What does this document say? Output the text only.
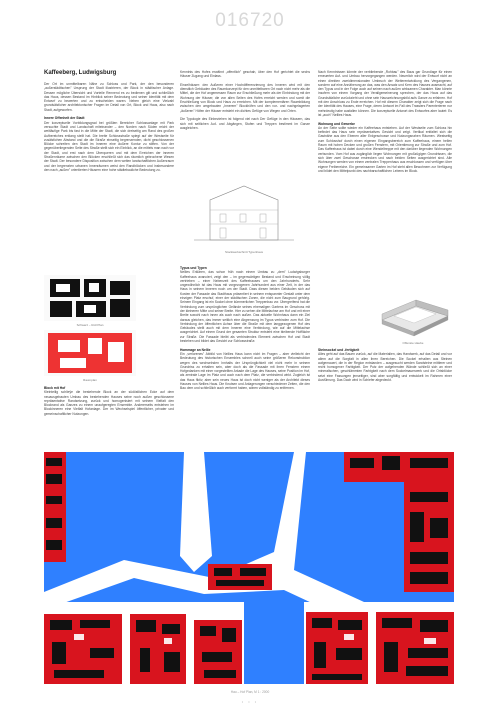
016720
Kaffeeberg, Ludwigsburg

Der Ort im unmittelbaren Nähe zu Schloss und Park, der den besonderen „außerstädtischen" Ursprung der Stadt illustrieren, der Block in städtischer Anlage. Dessen mögliche Übersicht und Vorteile Rennend es zu bedienen gilt und schließlich das Haus, dessen Bestand im Hinblick seiner Bedeutung und seiner Identität mit dem Entwurf zu bewerten und zu entscheiden waren. Neben gleich eine Vielzahl grundsätzlicher architektonischer Fragen im Detail von Ort, Block und Haus, also nach Stadt, aufgeworfen.

Innere Offenheit der Stadt

Der konzeptuelle Vorbildungsgrad bei größten Bereicher Schlossanlage mit Park versuchte Stadt und Landschaft miteinander – den Norden nach Süden reicht der weitläufige Park bis fast in die Mitte der Stadt, die sich dreiseitig am Rand des großen Aufbereiches entlang stellt hat. Die breite Schlossstraße spiegt auf der Westseite für zusätzlichen Abstand und die die Straße einseitig begrenzenden, dicht geschlossenen Blöcke schreiten den Stadt im Inneren eine äußere Kontur zu stiften. Von der gegenüberliegenden Seite des Straße stellt sich ein Einblick, an die mittels man nach vor der Stadt, und erst nach dem Überqueren und mit dem Erreichen der inneren Straßenräume zwischen den Blöcken erschließt sich das räumlich gebrochene Wesen der Stadt. Der besondere Disposition zwischen dem weiten landschaftlichen Außenraum und der begrenzten urbanen Innenräumen weist den Randblöcken und insbesondere den nach „außen" orientierten Häusern eine hohe städtebauliche Bedeutung zu.

Schwarz – Roll Plan
Raumplan
Block mit Hof

Kleinteilig schlieÿe die bestehende Block an der südöstlichen Ecke auf dem neuausgebauten Umbau des bestehenden Hauses seine noch außen geschlossene repräsentative Randsetzung, zurück und homogenisiert mit seinem Vielfalt den Blockrand als Ganzes zu einem unaufgeregten Ensemble. Andererseits entstehen im Blockinneren eine Vielfalt Hofanlage. Der im Wechselspiel öffentlicher, privater und gemeinschaftlicher Nutzungen.

Kenntnis des Hofes erwähnt „offentlich" geschah, über den Hof gerichtet die sechs Häuser Zugang und Einlass.

Einzelhäuser: den Außeren einer Hochdifferenzierung des Inneren wird mit den dienstlich Gebäuden des Raumkonzept für den unmittelbaren Ort nach nicht mehr als die Mittel, die der Hof angemessen Raum zur Erschließung mehr als der Einbindung mit der Wohnung der Häuser, die von allen Seiten des Hofes erreicht werden und somit die Erschließung von Block und Haus zu erreichen. Mit der komplementären Raumbildung zwischen den umgebauten „Innerem" Blockhöfen und den vor- und nachgelagerten „äußeren" Höfen der Häuser entsteht ein dichtes Gefüge von Wegen und Orten.

Die Typologie des Einbeziehen ist folgend viel nach Der Gefüge in den Häusern, das sich mit seitlichen Auf- und Abgängen, Stufen und Treppen bestimmt im Ganze ausgleichen.

Stockwerkschnitt Typenhaus
Typus und Typen

Nellies Erklären, das schon früh nach einem Umbau zu „dem" Ludwigsburger Kaffeehaus avanciert, zeigt den – im gegenwärtigen Bestand und Erscheinung völlig vertrieben – einer Nebenzeit des Kaffeehauses um den Jahrhunderts. Sehr ungewöhnlich ist das Haus mit vorgezogenen Jahrhundert aus einer Zeit, in der das Haus in seinem Inneren noch um der Stadt. Dass diesen beiden Gebäuden sich auf Kosten der Fassade das Stadthaus präsentiert in seinem entspannter Gestalt unter dem einzigen Platz erschuf, einer der städtischen Zonen, die nicht zum Baugrund gehörig. Seinem Eingang ist ein Sockel ohne kümmerlichen Treppenbau vor. Übergreifend hat die Verbindung zum ursprünglichen Gelände seines ehemaligen Gartens im Geschoss mit der kleineren Mitte und seiner Breite. Hier zu sehen die Mittelachse am Hof und mit einer Breite sowohl nach innen als auch nach außen. Das aktuelle Wohnhaus dann ein Ziel daraus gleichen, das immer seitlich eine Abgrenzung im Typus verbinden zum Hof. Die Verbindung der öffentlichen Achse über die Straße mit dem langgezogenen Hof des Gebäudes stellt auch mit dem Inneren eine Verbindung, wie auf die Mittelachse ausgerichtet. Auf einem Grund der gesamten Struktur entsteht eine bleibende Hoffläche zur Straße. Die Fassade bleibt als verbindendes Element zwischen Hof und Stadt bestehen und bildet das Gesicht zur Schlossstraße.

Hommage an Nellie

Ein „verlorenes" Abbild von Nellies Haus kann nicht im Fragen – aber vielleicht der Bedeutung des historischen Ensembles schnell auch seine größeren Rekonstruktion wegen des wechselnden Innhalts der Ursprünglichkeit viel nicht mehr in seinem Grundriss zu erhalten sein, aber doch als die Fassade mit ihren Fenstern einem Hofgedanken mit einer vorgestellten Arkade die Lage des Hauses, seine Position im Hof, als zentrale Lage im Platz und auch nach dem Platz, die verbindend wirkt. Zugleich ist das Haus fiktiv, aber sein neues Haus ist doch nicht weniger als der Architekt dieses Hauses von Nellies Haus. Die Knutsen und Anlagerungen verschiedener Zeiten, die den Bau dem und schließlich auch verformt haben, wären vollständig zu entfernen.

Nach Kenntnissen könnte der verbliebende „Rohbau" des Baus gar Grundlage für einen erneuerten Auf- und Umbau hervorgegangen werden. Neuerlich wird der Entwurf nicht an einen direkten zweidimensionalen Umbruch der Weiterentwicklung des Vergangenen, sondern auf eine Annäherung an das, was den Ansatz und Kern des Hauses ausmacht, auf den Typus und in der Folge auch auf seinen nach außen wirksamen Charakter. Man könnte insofern von einem Vorgang der Verallgemeinerung sprechen, der das Haus auf das Grundsätzliche zurückzieht und ohne sein Hauszeichnungsbild aufs Ganze zu erfahren. Hof mit den Anschluss zu Ende erreichen. Hof mit diesem Charakter zeigt sich die Frage nach der Identität des Hauses, eine Frage, deren Antwort im Fall des Trassiers Parenterieren nur mehrdeutig habe ausfallen können. Die konzeptuelle Antwort des Entwurfes aber lautet: Es ist „auch" Nellies Haus.

Wohnung und Gewerbe

An der Seite sollte wieder ein Kaffeehaus entstehen. Auf der Westseite zum Schloss hin befindet das Haus sein repräsentatives Gesicht und zeigt. Vertikal entfaltet sich die Gastnähe aus den Ebenen aller Erdgeschosse und Nutzungsnahen Räumen. Westseitig zum Schlosshof durch einen eigenen Eingangsbereich zum Kaffeehaus, einem hellen Raum mit hohen Decken und großen Fenstern, mit Orientierung zur Straße und zum Hof. Das Kaffeehaus ist dabei durch eine Wendeltreppe mit den darüber liegenden Wohnungen verbunden. Vom Hof aus zugänglich liegen Wohnungen mit großzügigen Grundrissen, die sich über zwei Geschosse erstrecken und nach beiden Seiten ausgerichtet sind. Alle Wohnungen werden von einem zentralen Treppenhaus aus erschlossen und verfügen über eigene Freibereiche. Ein gemeinsamer Garten im Hof steht allen Bewohnern zur Verfügung und bildet den Mittelpunkt des nachbarschaftlichen Lebens im Block.

Offenste Haube
Steinsockel und -fertigkeit

Alles geht auf das Bauen zurück, auf die Materialien, das Handwerk, auf das Detail und vor allem auf die Sorgfalt in allen ihren Bereichen. Die Sockel erhalten aus Steinen aufgemauert, die in der Region entstanden – ausgesucht werden Sandsteine mittlerer und recht homogener Farbigkeit. Der Putz der aufgehenden Wände schließt sich an einer mineralischen, geschlämmten Farbigkeit nach dem Sockelmauerwerk und die Ortsblöcke setzt eine Fassungen jenseitiger, sind aber sorgfältig und entwickelt im Rahmen einer Ausführung. Das Dach wird in Schiefer abgedeckt.

Hau – Hof Plan, M 1 : 2000
• • •
